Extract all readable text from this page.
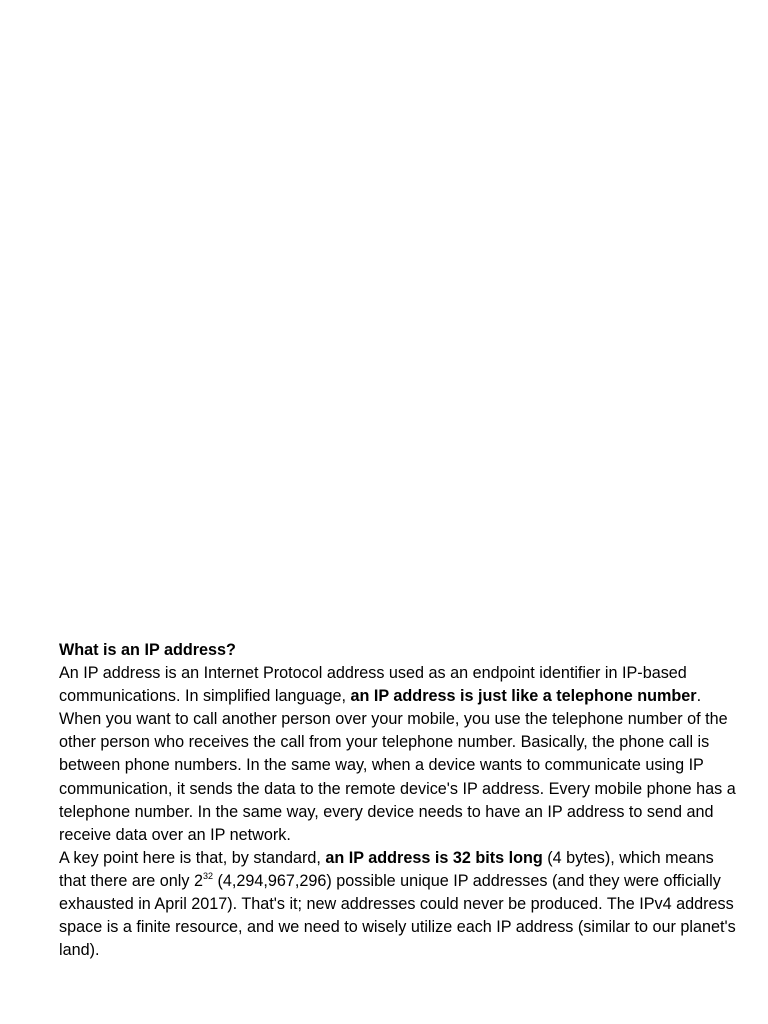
What is an IP address?

An IP address is an Internet Protocol address used as an endpoint identifier in IP-based communications. In simplified language, an IP address is just like a telephone number. When you want to call another person over your mobile, you use the telephone number of the other person who receives the call from your telephone number. Basically, the phone call is between phone numbers. In the same way, when a device wants to communicate using IP communication, it sends the data to the remote device's IP address. Every mobile phone has a telephone number. In the same way, every device needs to have an IP address to send and receive data over an IP network.

A key point here is that, by standard, an IP address is 32 bits long (4 bytes), which means that there are only $2^{32}$ (4,294,967,296) possible unique IP addresses (and they were officially exhausted in April 2017). That's it; new addresses could never be produced. The IPv4 address space is a finite resource, and we need to wisely utilize each IP address (similar to our planet's land).
